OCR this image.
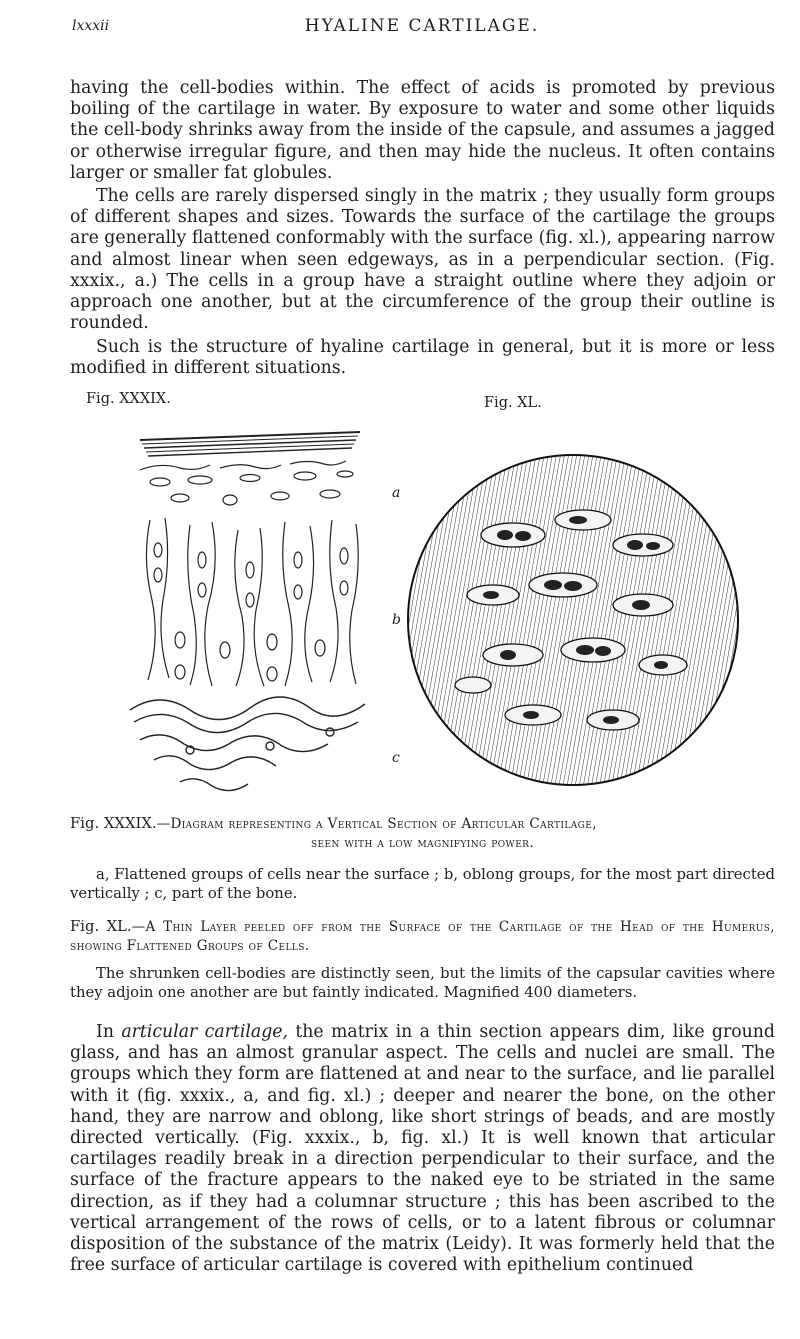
lxxxii	HYALINE CARTILAGE.

having the cell-bodies within. The effect of acids is promoted by previous boiling of the cartilage in water. By exposure to water and some other liquids the cell-body shrinks away from the inside of the capsule, and assumes a jagged or otherwise irregular figure, and then may hide the nucleus. It often contains larger or smaller fat globules.

The cells are rarely dispersed singly in the matrix ; they usually form groups of different shapes and sizes. Towards the surface of the cartilage the groups are generally flattened conformably with the surface (fig. xl.), appearing narrow and almost linear when seen edgeways, as in a perpendicular section. (Fig. xxxix., a.) The cells in a group have a straight outline where they adjoin or approach one another, but at the circumference of the group their outline is rounded.

Such is the structure of hyaline cartilage in general, but it is more or less modified in different situations.

Fig. XXXIX.	Fig. XL.
a
b
c

Fig. XXXIX.—Diagram representing a Vertical Section of Articular Cartilage,
seen with a low magnifying power.

a, Flattened groups of cells near the surface ; b, oblong groups, for the most part directed vertically ; c, part of the bone.

Fig. XL.—A Thin Layer peeled off from the Surface of the Cartilage of the Head of the Humerus, showing Flattened Groups of Cells.

The shrunken cell-bodies are distinctly seen, but the limits of the capsular cavities where they adjoin one another are but faintly indicated. Magnified 400 diameters.

In articular cartilage, the matrix in a thin section appears dim, like ground glass, and has an almost granular aspect. The cells and nuclei are small. The groups which they form are flattened at and near to the surface, and lie parallel with it (fig. xxxix., a, and fig. xl.) ; deeper and nearer the bone, on the other hand, they are narrow and oblong, like short strings of beads, and are mostly directed vertically. (Fig. xxxix., b, fig. xl.) It is well known that articular cartilages readily break in a direction perpendicular to their surface, and the surface of the fracture appears to the naked eye to be striated in the same direction, as if they had a columnar structure ; this has been ascribed to the vertical arrangement of the rows of cells, or to a latent fibrous or columnar disposition of the substance of the matrix (Leidy). It was formerly held that the free surface of articular cartilage is covered with epithelium continued
